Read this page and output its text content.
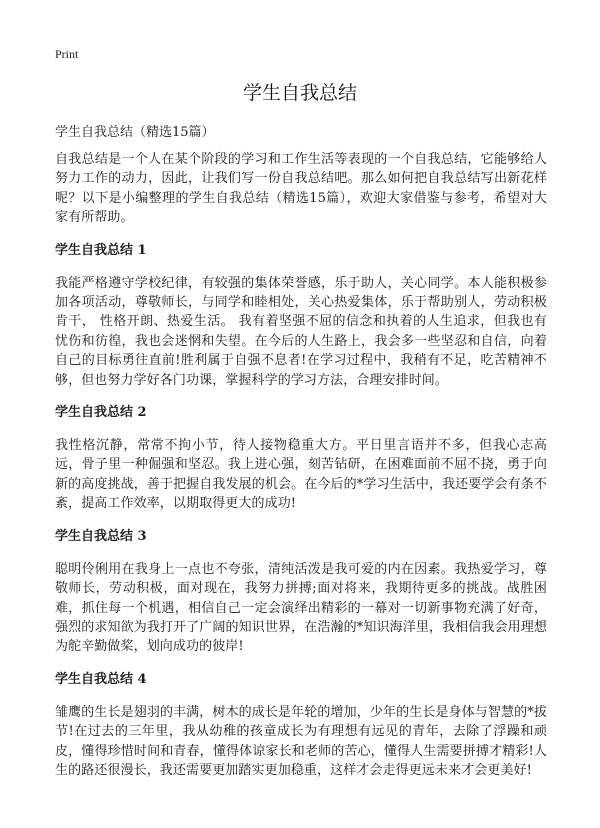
Print
学生自我总结

学生自我总结（精选15篇）

自我总结是一个人在某个阶段的学习和工作生活等表现的一个自我总结，它能够给人努力工作的动力，因此，让我们写一份自我总结吧。那么如何把自我总结写出新花样呢？以下是小编整理的学生自我总结（精选15篇），欢迎大家借鉴与参考，希望对大家有所帮助。

学生自我总结 1

我能严格遵守学校纪律，有较强的集体荣誉感，乐于助人，关心同学。本人能积极参加各项活动，尊敬师长，与同学和睦相处，关心热爱集体，乐于帮助别人，劳动积极肯干， 性格开朗、热爱生活。 我有着坚强不屈的信念和执着的人生追求，但我也有忧伤和彷徨，我也会迷惘和失望。在今后的人生路上，我会多一些坚忍和自信，向着自己的目标勇往直前!胜利属于自强不息者!在学习过程中，我稍有不足，吃苦精神不够，但也努力学好各门功课，掌握科学的学习方法，合理安排时间。

学生自我总结 2

我性格沉静，常常不拘小节，待人接物稳重大方。平日里言语并不多，但我心志高远，骨子里一种倔强和坚忍。我上进心强，刻苦钻研，在困难面前不屈不挠，勇于向新的高度挑战，善于把握自我发展的机会。在今后的*学习生活中，我还要学会有条不紊，提高工作效率，以期取得更大的成功!

学生自我总结 3

聪明伶俐用在我身上一点也不夸张，清纯活泼是我可爱的内在因素。我热爱学习，尊敬师长，劳动积极，面对现在，我努力拼搏;面对将来，我期待更多的挑战。战胜困难，抓住每一个机遇，相信自己一定会演绎出精彩的一幕对一切新事物充满了好奇，强烈的求知欲为我打开了广阔的知识世界，在浩瀚的*知识海洋里，我相信我会用理想为舵辛勤做桨，划向成功的彼岸!

学生自我总结 4

雏鹰的生长是翅羽的丰满，树木的成长是年轮的增加，少年的生长是身体与智慧的*拔节!在过去的三年里，我从幼稚的孩童成长为有理想有远见的青年，去除了浮躁和顽皮，懂得珍惜时间和青春，懂得体谅家长和老师的苦心，懂得人生需要拼搏才精彩!人生的路还很漫长，我还需要更加踏实更加稳重，这样才会走得更远未来才会更美好!
